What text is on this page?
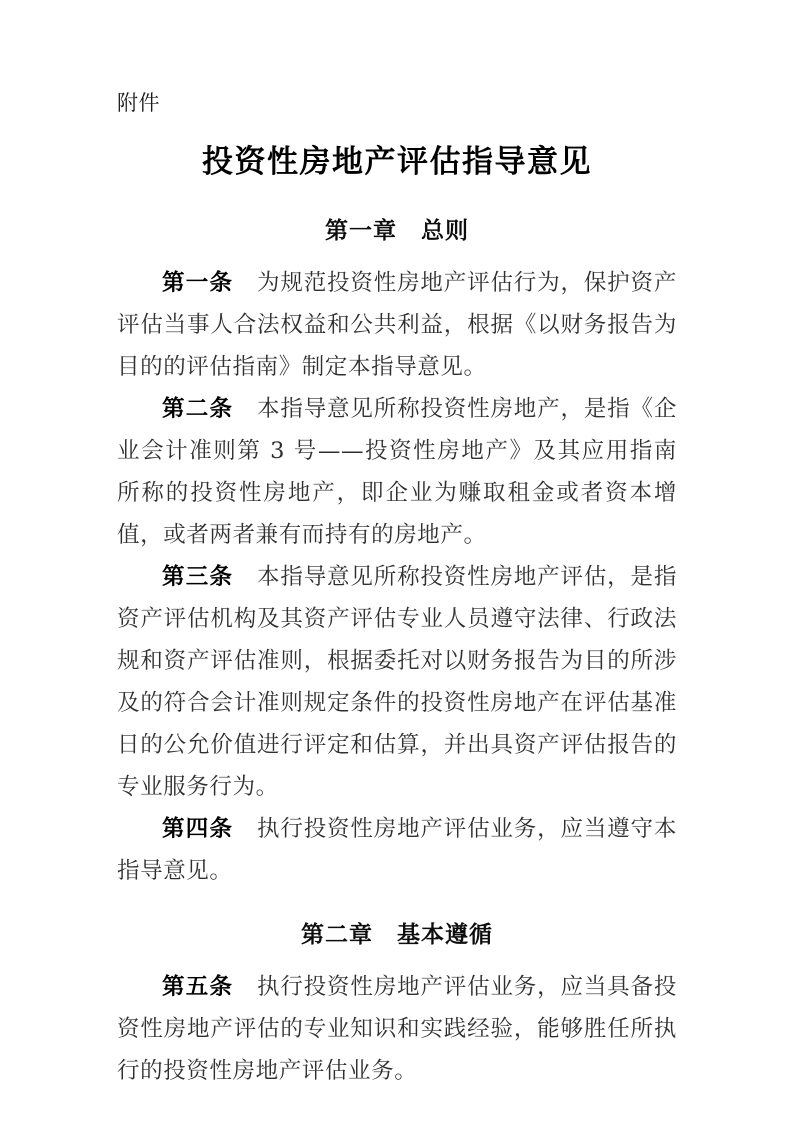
附件
投资性房地产评估指导意见
第一章　总则

第一条　 为规范投资性房地产评估行为，保护资产评估当事人合法权益和公共利益，根据《以财务报告为目的的评估指南》制定本指导意见。

第二条　 本指导意见所称投资性房地产，是指《企业会计准则第 3 号——投资性房地产》及其应用指南所称的投资性房地产，即企业为赚取租金或者资本增值，或者两者兼有而持有的房地产。

第三条　 本指导意见所称投资性房地产评估，是指资产评估机构及其资产评估专业人员遵守法律、行政法规和资产评估准则，根据委托对以财务报告为目的所涉及的符合会计准则规定条件的投资性房地产在评估基准日的公允价值进行评定和估算，并出具资产评估报告的专业服务行为。

第四条　 执行投资性房地产评估业务，应当遵守本指导意见。

第二章　基本遵循

第五条　 执行投资性房地产评估业务，应当具备投资性房地产评估的专业知识和实践经验，能够胜任所执行的投资性房地产评估业务。
